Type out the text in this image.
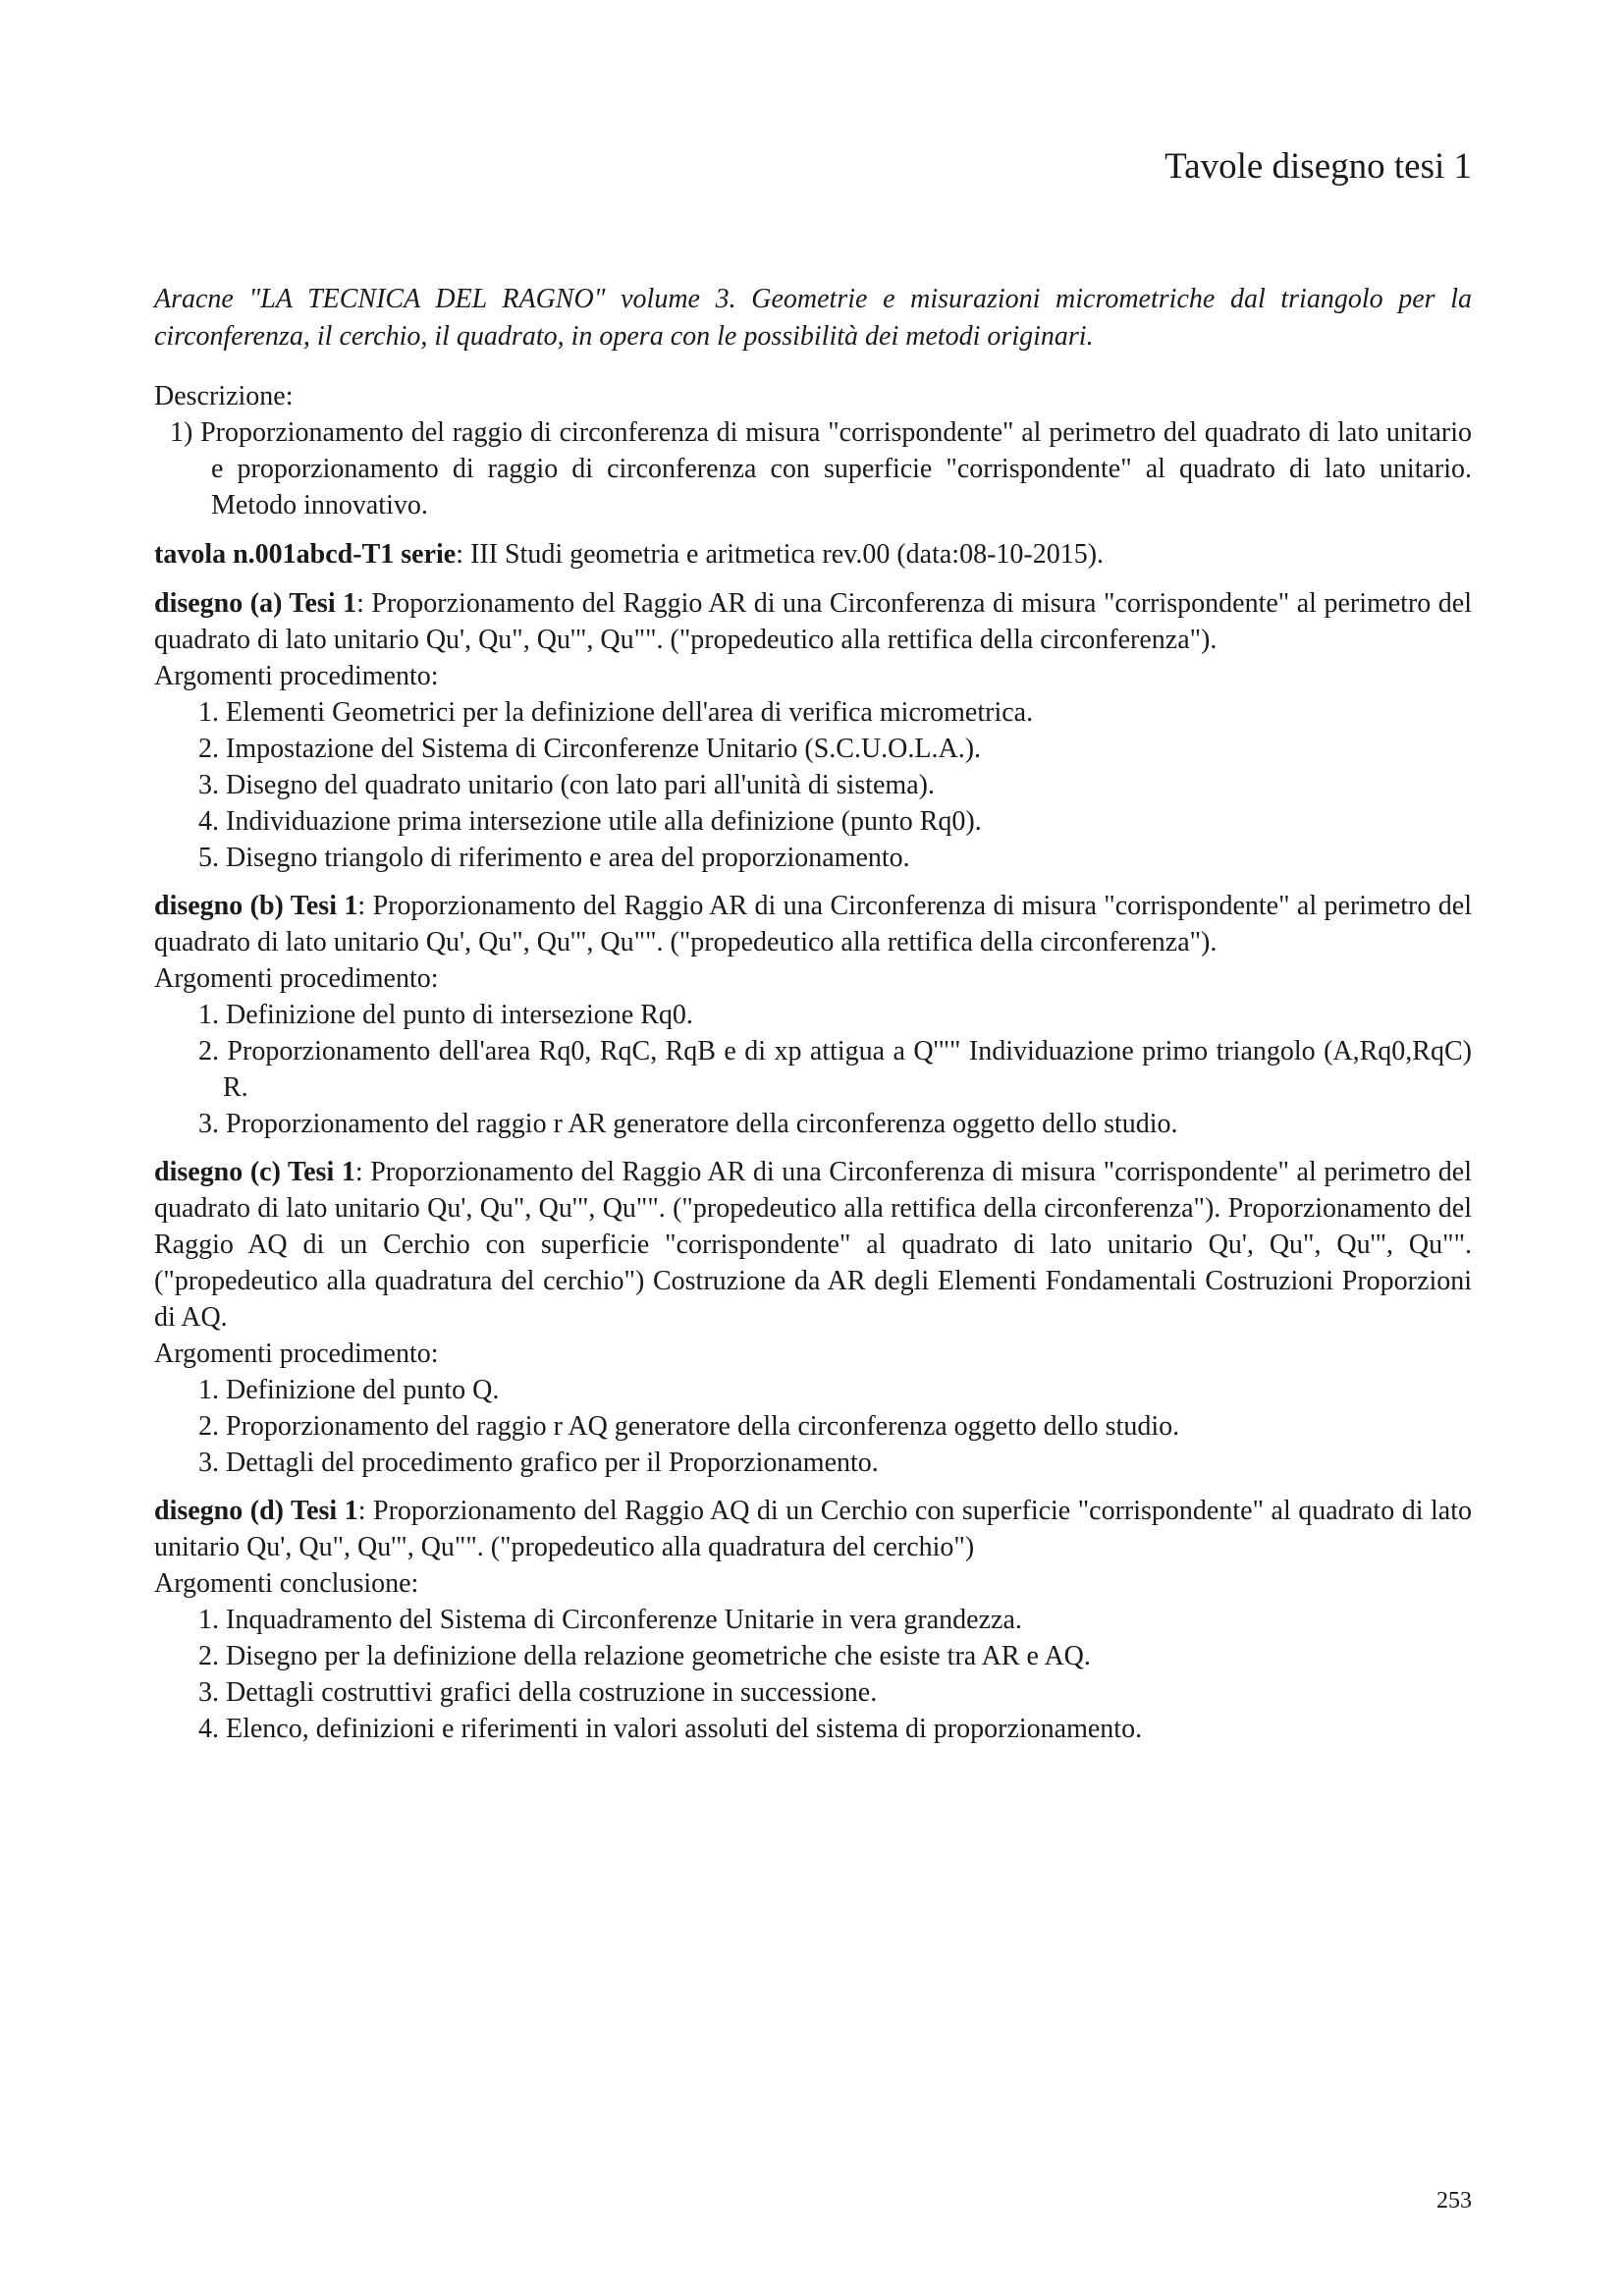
Tavole disegno tesi 1

Aracne "LA TECNICA DEL RAGNO" volume 3. Geometrie e misurazioni micrometriche dal triangolo per la circonferenza, il cerchio, il quadrato, in opera con le possibilità dei metodi originari.

Descrizione:

1) Proporzionamento del raggio di circonferenza di misura "corrispondente" al perimetro del quadrato di lato unitario e proporzionamento di raggio di circonferenza con superficie "corrispondente" al quadrato di lato unitario. Metodo innovativo.

tavola n.001abcd-T1 serie: III Studi geometria e aritmetica rev.00 (data:08-10-2015).

disegno (a) Tesi 1: Proporzionamento del Raggio AR di una Circonferenza di misura "corrispondente" al perimetro del quadrato di lato unitario Qu', Qu", Qu'", Qu"". ("propedeutico alla rettifica della circonferenza").

Argomenti procedimento:

1. Elementi Geometrici per la definizione dell'area di verifica micrometrica.
2. Impostazione del Sistema di Circonferenze Unitario (S.C.U.O.L.A.).
3. Disegno del quadrato unitario (con lato pari all'unità di sistema).
4. Individuazione prima intersezione utile alla definizione (punto Rq0).
5. Disegno triangolo di riferimento e area del proporzionamento.

disegno (b) Tesi 1: Proporzionamento del Raggio AR di una Circonferenza di misura "corrispondente" al perimetro del quadrato di lato unitario Qu', Qu", Qu'", Qu"". ("propedeutico alla rettifica della circonferenza").

Argomenti procedimento:

1. Definizione del punto di intersezione Rq0.
2. Proporzionamento dell'area Rq0, RqC, RqB e di xp attigua a Q'"" Individuazione primo triangolo (A,Rq0,RqC) R.
3. Proporzionamento del raggio r AR generatore della circonferenza oggetto dello studio.

disegno (c) Tesi 1: Proporzionamento del Raggio AR di una Circonferenza di misura "corrispondente" al perimetro del quadrato di lato unitario Qu', Qu", Qu'", Qu"". ("propedeutico alla rettifica della circonferenza"). Proporzionamento del Raggio AQ di un Cerchio con superficie "corrispondente" al quadrato di lato unitario Qu', Qu", Qu'", Qu"". ("propedeutico alla quadratura del cerchio") Costruzione da AR degli Elementi Fondamentali Costruzioni Proporzioni di AQ.

Argomenti procedimento:

1. Definizione del punto Q.
2. Proporzionamento del raggio r AQ generatore della circonferenza oggetto dello studio.
3. Dettagli del procedimento grafico per il Proporzionamento.

disegno (d) Tesi 1: Proporzionamento del Raggio AQ di un Cerchio con superficie "corrispondente" al quadrato di lato unitario Qu', Qu", Qu'", Qu"". ("propedeutico alla quadratura del cerchio")

Argomenti conclusione:

1. Inquadramento del Sistema di Circonferenze Unitarie in vera grandezza.
2. Disegno per la definizione della relazione geometriche che esiste tra AR e AQ.
3. Dettagli costruttivi grafici della costruzione in successione.
4. Elenco, definizioni e riferimenti in valori assoluti del sistema di proporzionamento.
253
